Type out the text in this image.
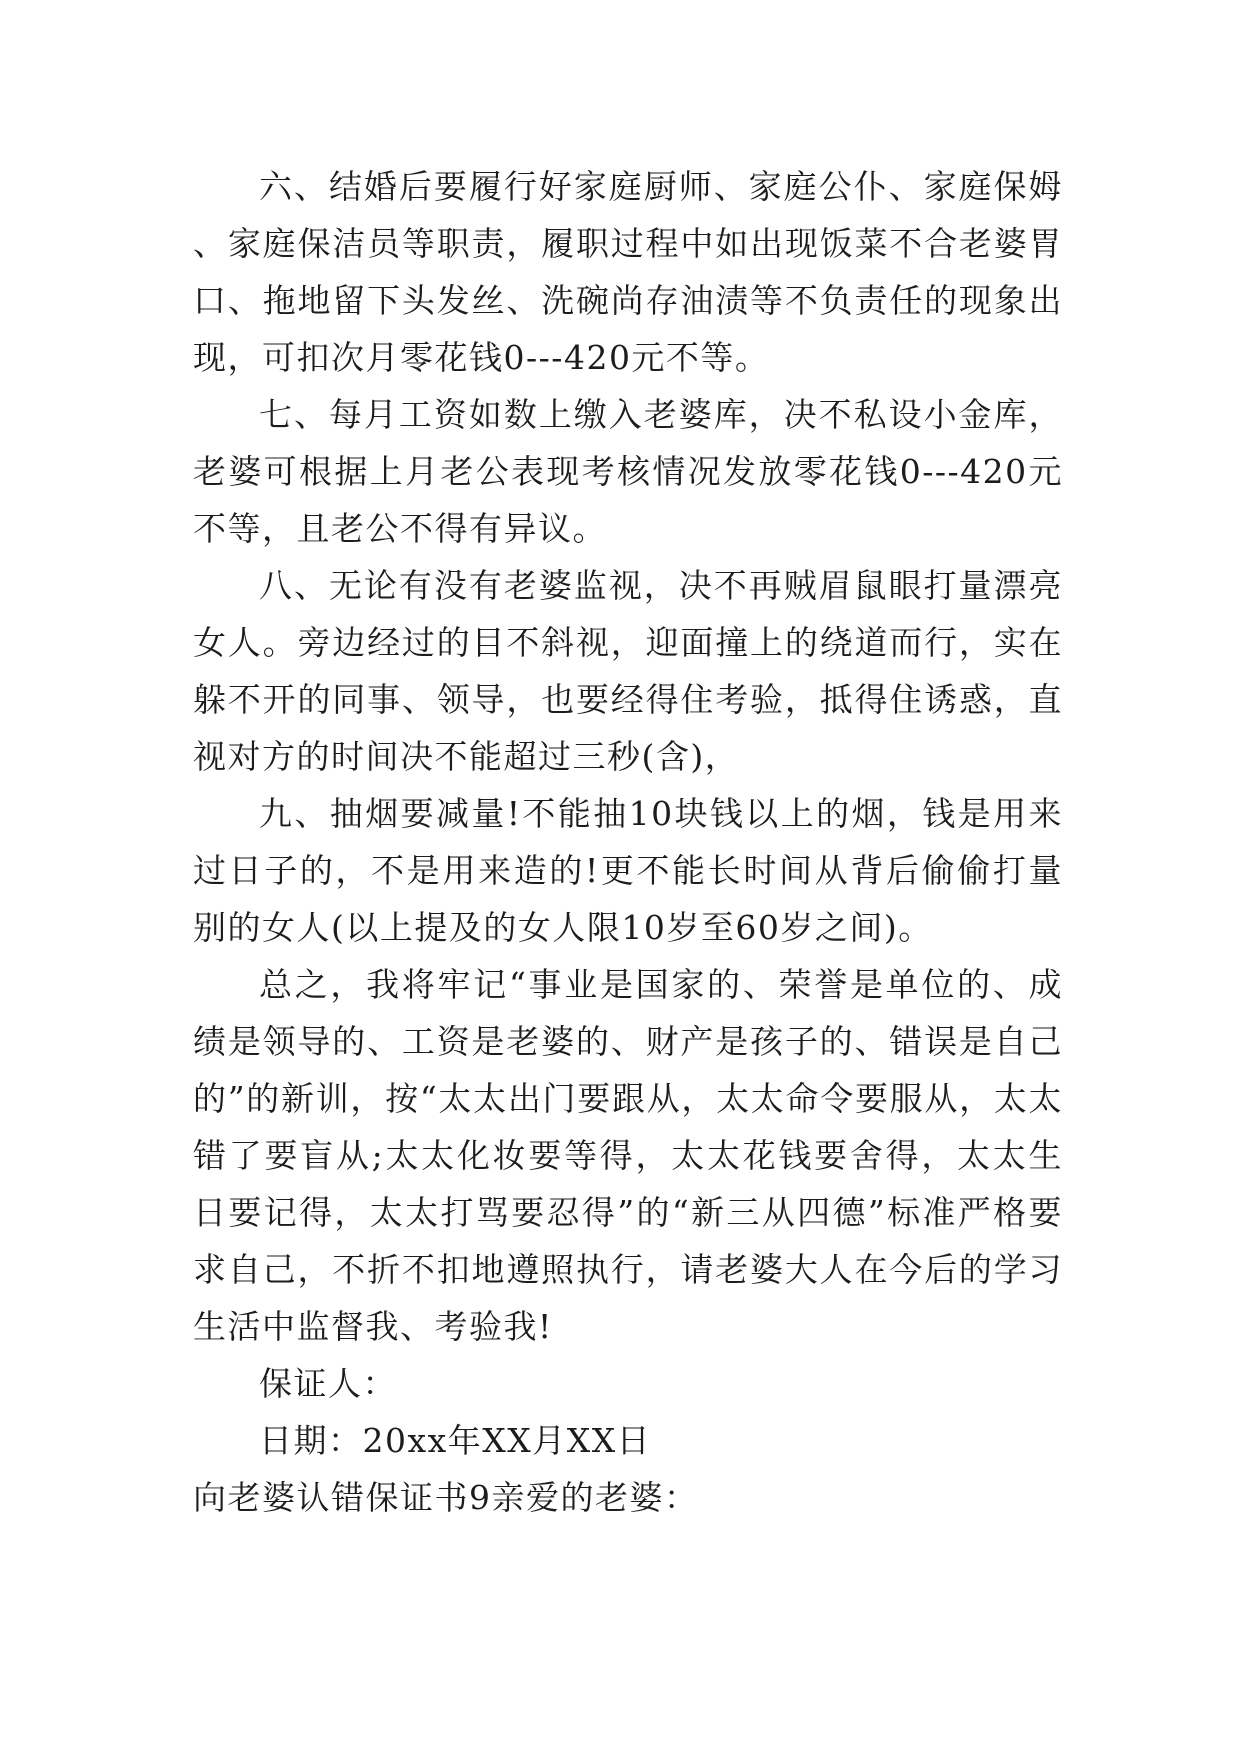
六、结婚后要履行好家庭厨师、家庭公仆、家庭保姆、家庭保洁员等职责，履职过程中如出现饭菜不合老婆胃口、拖地留下头发丝、洗碗尚存油渍等不负责任的现象出现，可扣次月零花钱0---420元不等。

七、每月工资如数上缴入老婆库，决不私设小金库，老婆可根据上月老公表现考核情况发放零花钱0---420元不等，且老公不得有异议。

八、无论有没有老婆监视，决不再贼眉鼠眼打量漂亮女人。旁边经过的目不斜视，迎面撞上的绕道而行，实在躲不开的同事、领导，也要经得住考验，抵得住诱惑，直视对方的时间决不能超过三秒(含)，

九、抽烟要减量!不能抽10块钱以上的烟，钱是用来过日子的，不是用来造的!更不能长时间从背后偷偷打量别的女人(以上提及的女人限10岁至60岁之间)。

总之，我将牢记“事业是国家的、荣誉是单位的、成绩是领导的、工资是老婆的、财产是孩子的、错误是自己的”的新训，按“太太出门要跟从，太太命令要服从，太太错了要盲从;太太化妆要等得，太太花钱要舍得，太太生日要记得，太太打骂要忍得”的“新三从四德”标准严格要求自己，不折不扣地遵照执行，请老婆大人在今后的学习生活中监督我、考验我!

保证人：

日期：20xx年XX月XX日

向老婆认错保证书9亲爱的老婆：
